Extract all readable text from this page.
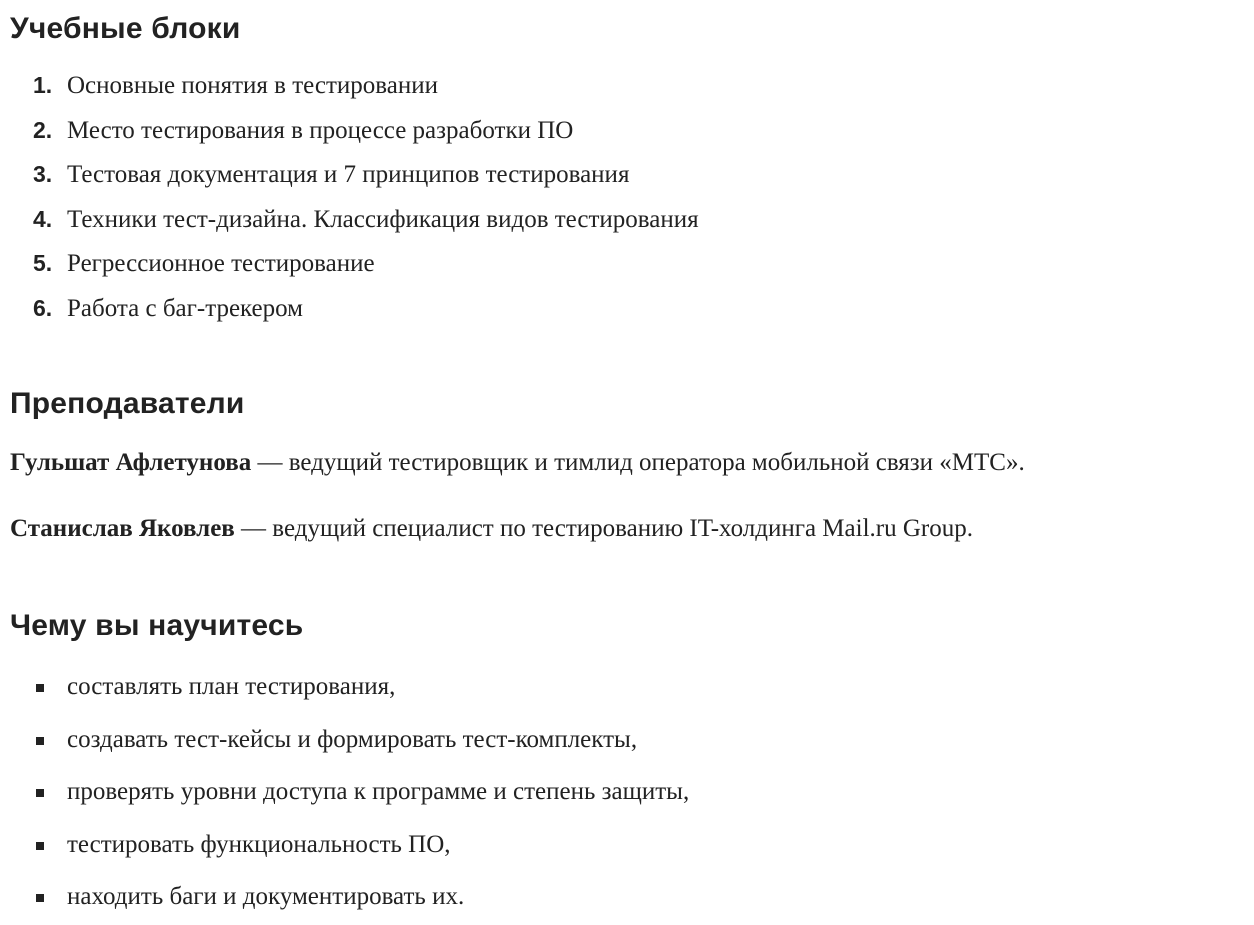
Учебные блоки
1. Основные понятия в тестировании
2. Место тестирования в процессе разработки ПО
3. Тестовая документация и 7 принципов тестирования
4. Техники тест-дизайна. Классификация видов тестирования
5. Регрессионное тестирование
6. Работа с баг-трекером
Преподаватели
Гульшат Афлетунова — ведущий тестировщик и тимлид оператора мобильной связи «МТС».
Станислав Яковлев — ведущий специалист по тестированию IT-холдинга Mail.ru Group.
Чему вы научитесь
составлять план тестирования,
создавать тест-кейсы и формировать тест-комплекты,
проверять уровни доступа к программе и степень защиты,
тестировать функциональность ПО,
находить баги и документировать их.
